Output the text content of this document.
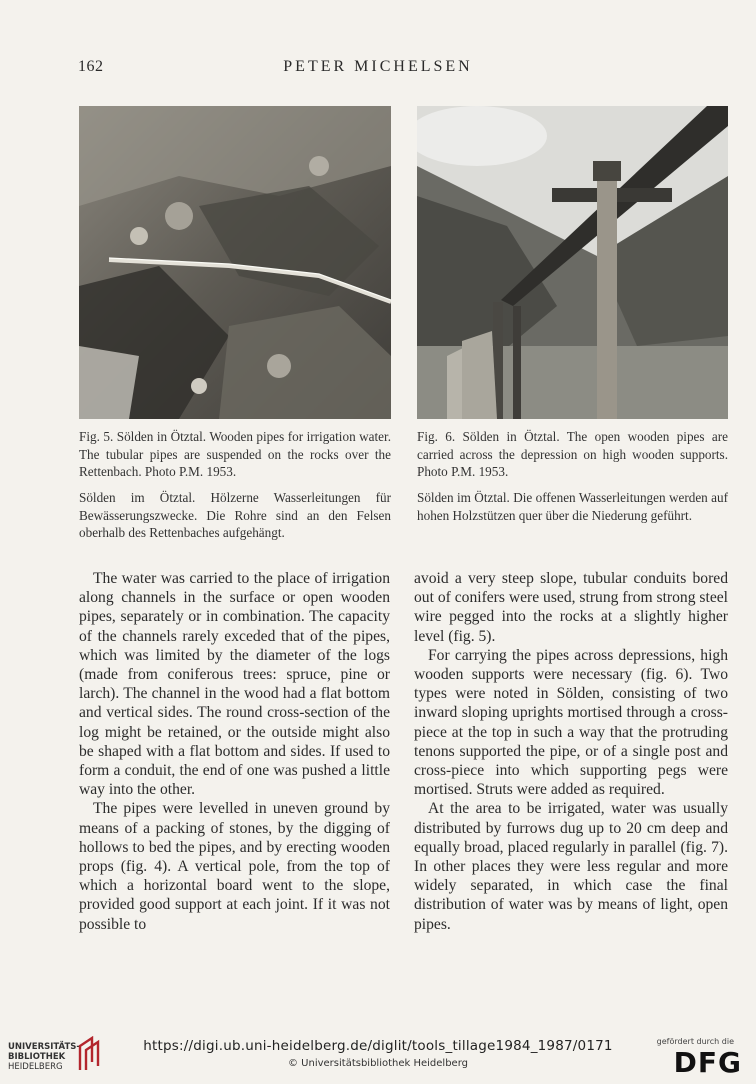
162	PETER MICHELSEN
Fig. 5. Sölden in Ötztal. Wooden pipes for irrigation water. The tubular pipes are suspended on the rocks over the Rettenbach. Photo P.M. 1953.
Sölden im Ötztal. Hölzerne Wasserleitungen für Bewässerungszwecke. Die Rohre sind an den Felsen oberhalb des Rettenbaches aufgehängt.
Fig. 6. Sölden in Ötztal. The open wooden pipes are carried across the depression on high wooden supports. Photo P.M. 1953.
Sölden im Ötztal. Die offenen Wasserleitungen werden auf hohen Holzstützen quer über die Niederung geführt.

The water was carried to the place of irrigation along channels in the surface or open wooden pipes, separately or in combination. The capacity of the channels rarely exceded that of the pipes, which was limited by the diameter of the logs (made from coniferous trees: spruce, pine or larch). The channel in the wood had a flat bottom and vertical sides. The round cross-section of the log might be retained, or the outside might also be shaped with a flat bottom and sides. If used to form a conduit, the end of one was pushed a little way into the other.

The pipes were levelled in uneven ground by means of a packing of stones, by the digging of hollows to bed the pipes, and by erecting wooden props (fig. 4). A vertical pole, from the top of which a horizontal board went to the slope, provided good support at each joint. If it was not possible to

avoid a very steep slope, tubular conduits bored out of conifers were used, strung from strong steel wire pegged into the rocks at a slightly higher level (fig. 5).

For carrying the pipes across depressions, high wooden supports were necessary (fig. 6). Two types were noted in Sölden, consisting of two inward sloping uprights mortised through a cross-piece at the top in such a way that the protruding tenons supported the pipe, or of a single post and cross-piece into which supporting pegs were mortised. Struts were added as required.

At the area to be irrigated, water was usually distributed by furrows dug up to 20 cm deep and equally broad, placed regularly in parallel (fig. 7). In other places they were less regular and more widely separated, in which case the final distribution of water was by means of light, open pipes.

UNIVERSITÄTS-
BIBLIOTHEK
HEIDELBERG
https://digi.ub.uni-heidelberg.de/diglit/tools_tillage1984_1987/0171
© Universitätsbibliothek Heidelberg
gefördert durch die
DFG
